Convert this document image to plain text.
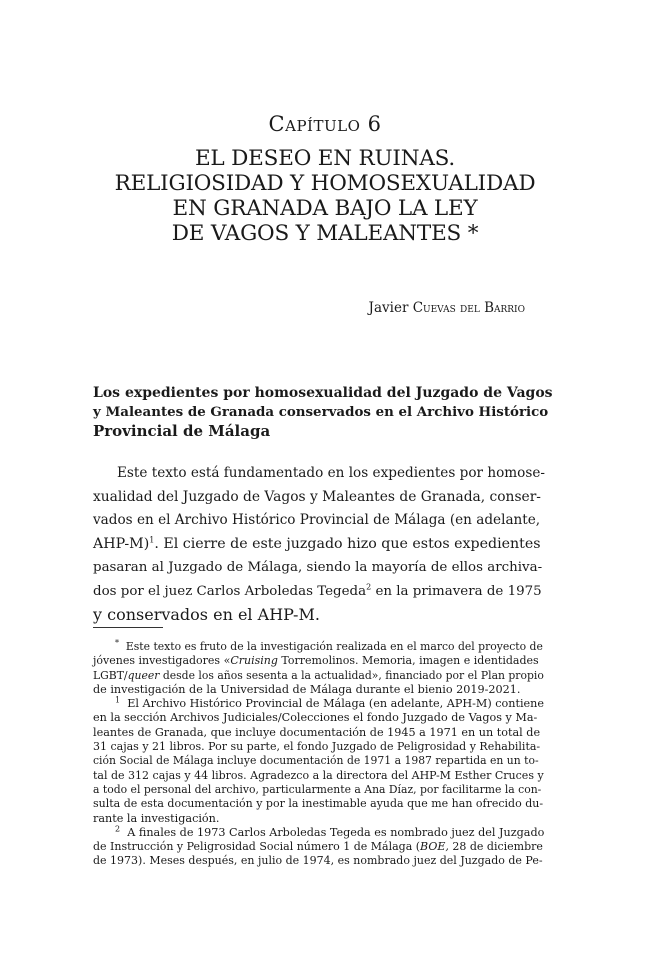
Capítulo 6
EL DESEO EN RUINAS.
RELIGIOSIDAD Y HOMOSEXUALIDAD
EN GRANADA BAJO LA LEY
DE VAGOS Y MALEANTES *
Javier Cuevas del Barrio
Los expedientes por homosexualidad del Juzgado de Vagos
y Maleantes de Granada conservados en el Archivo Histórico
Provincial de Málaga
Este texto está fundamentado en los expedientes por homose-
xualidad del Juzgado de Vagos y Maleantes de Granada, conser-
vados en el Archivo Histórico Provincial de Málaga (en adelante,
AHP-M)$^1$. El cierre de este juzgado hizo que estos expedientes
pasaran al Juzgado de Málaga, siendo la mayoría de ellos archiva-
dos por el juez Carlos Arboledas Tegeda$^2$ en la primavera de 1975
y conservados en el AHP-M.
* Este texto es fruto de la investigación realizada en el marco del proyecto de
jóvenes investigadores «Cruising Torremolinos. Memoria, imagen e identidades
LGBT/queer desde los años sesenta a la actualidad», financiado por el Plan propio
de investigación de la Universidad de Málaga durante el bienio 2019-2021.
$^1$ El Archivo Histórico Provincial de Málaga (en adelante, APH-M) contiene
en la sección Archivos Judiciales/Colecciones el fondo Juzgado de Vagos y Ma-
leantes de Granada, que incluye documentación de 1945 a 1971 en un total de
31 cajas y 21 libros. Por su parte, el fondo Juzgado de Peligrosidad y Rehabilita-
ción Social de Málaga incluye documentación de 1971 a 1987 repartida en un to-
tal de 312 cajas y 44 libros. Agradezco a la directora del AHP-M Esther Cruces y
a todo el personal del archivo, particularmente a Ana Díaz, por facilitarme la con-
sulta de esta documentación y por la inestimable ayuda que me han ofrecido du-
rante la investigación.
$^2$ A finales de 1973 Carlos Arboledas Tegeda es nombrado juez del Juzgado
de Instrucción y Peligrosidad Social número 1 de Málaga (BOE, 28 de diciembre
de 1973). Meses después, en julio de 1974, es nombrado juez del Juzgado de Pe-
